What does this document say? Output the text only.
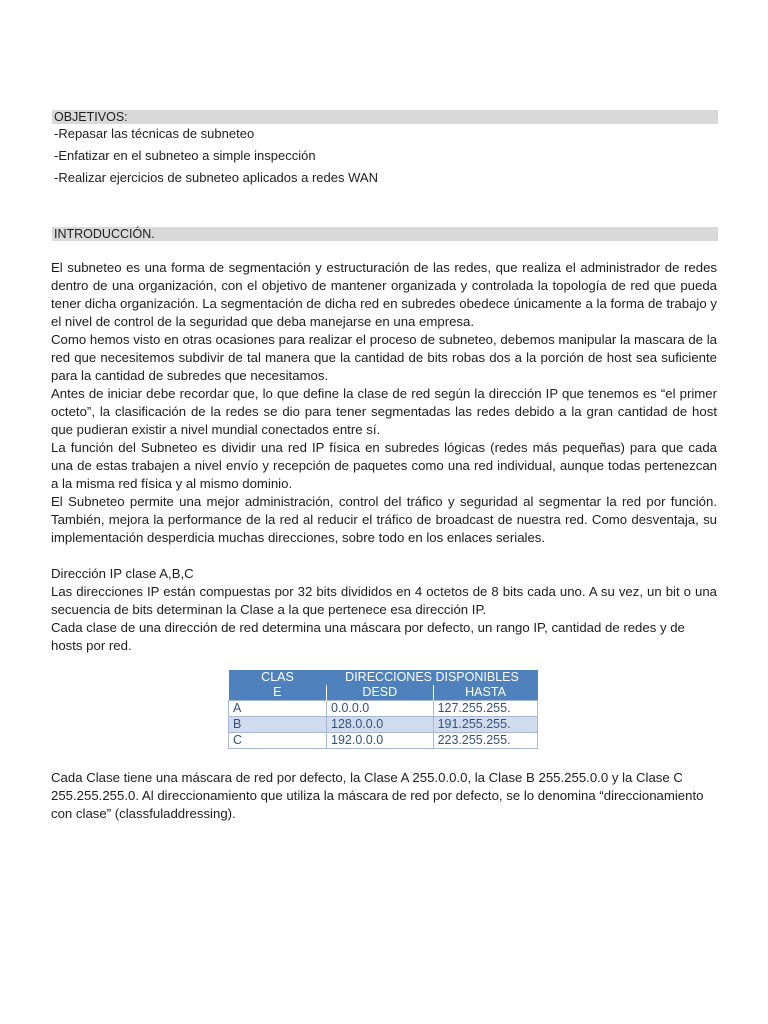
OBJETIVOS:
-Repasar las técnicas de subneteo
-Enfatizar en el subneteo a simple inspección
-Realizar ejercicios de subneteo aplicados a redes WAN
INTRODUCCIÓN.

El subneteo es una forma de segmentación y estructuración de las redes, que realiza el administrador de redes dentro de una organización, con el objetivo de mantener organizada y controlada la topología de red que pueda tener dicha organización. La segmentación de dicha red en subredes obedece únicamente a la forma de trabajo y el nivel de control de la seguridad que deba manejarse en una empresa.

Como hemos visto en otras ocasiones para realizar el proceso de subneteo, debemos manipular la mascara de la red que necesitemos subdivir de tal manera que la cantidad de bits robas dos a la porción de host sea suficiente para la cantidad de subredes que necesitamos.

Antes de iniciar debe recordar que, lo que define la clase de red según la dirección IP que tenemos es “el primer octeto”, la clasificación de la redes se dio para tener segmentadas las redes debido a la gran cantidad de host que pudieran existir a nivel mundial conectados entre sí.

La función del Subneteo es dividir una red IP física en subredes lógicas (redes más pequeñas) para que cada una de estas trabajen a nivel envío y recepción de paquetes como una red individual, aunque todas pertenezcan a la misma red física y al mismo dominio.

El Subneteo permite una mejor administración, control del tráfico y seguridad al segmentar la red por función. También, mejora la performance de la red al reducir el tráfico de broadcast de nuestra red. Como desventaja, su implementación desperdicia muchas direcciones, sobre todo en los enlaces seriales.

Dirección IP clase A,B,C

Las direcciones IP están compuestas por 32 bits divididos en 4 octetos de 8 bits cada uno. A su vez, un bit o una secuencia de bits determinan la Clase a la que pertenece esa dirección IP.

Cada clase de una dirección de red determina una máscara por defecto, un rango IP, cantidad de redes y de hosts por red.

CLAS	DIRECCIONES DISPONIBLES	
E	DESD	HASTA
A	0.0.0.0	127.255.255.
B	128.0.0.0	191.255.255.
C	192.0.0.0	223.255.255.
Cada Clase tiene una máscara de red por defecto, la Clase A 255.0.0.0, la Clase B 255.255.0.0 y la Clase C 255.255.255.0. Al direccionamiento que utiliza la máscara de red por defecto, se lo denomina “direccionamiento con clase” (classfuladdressing).
